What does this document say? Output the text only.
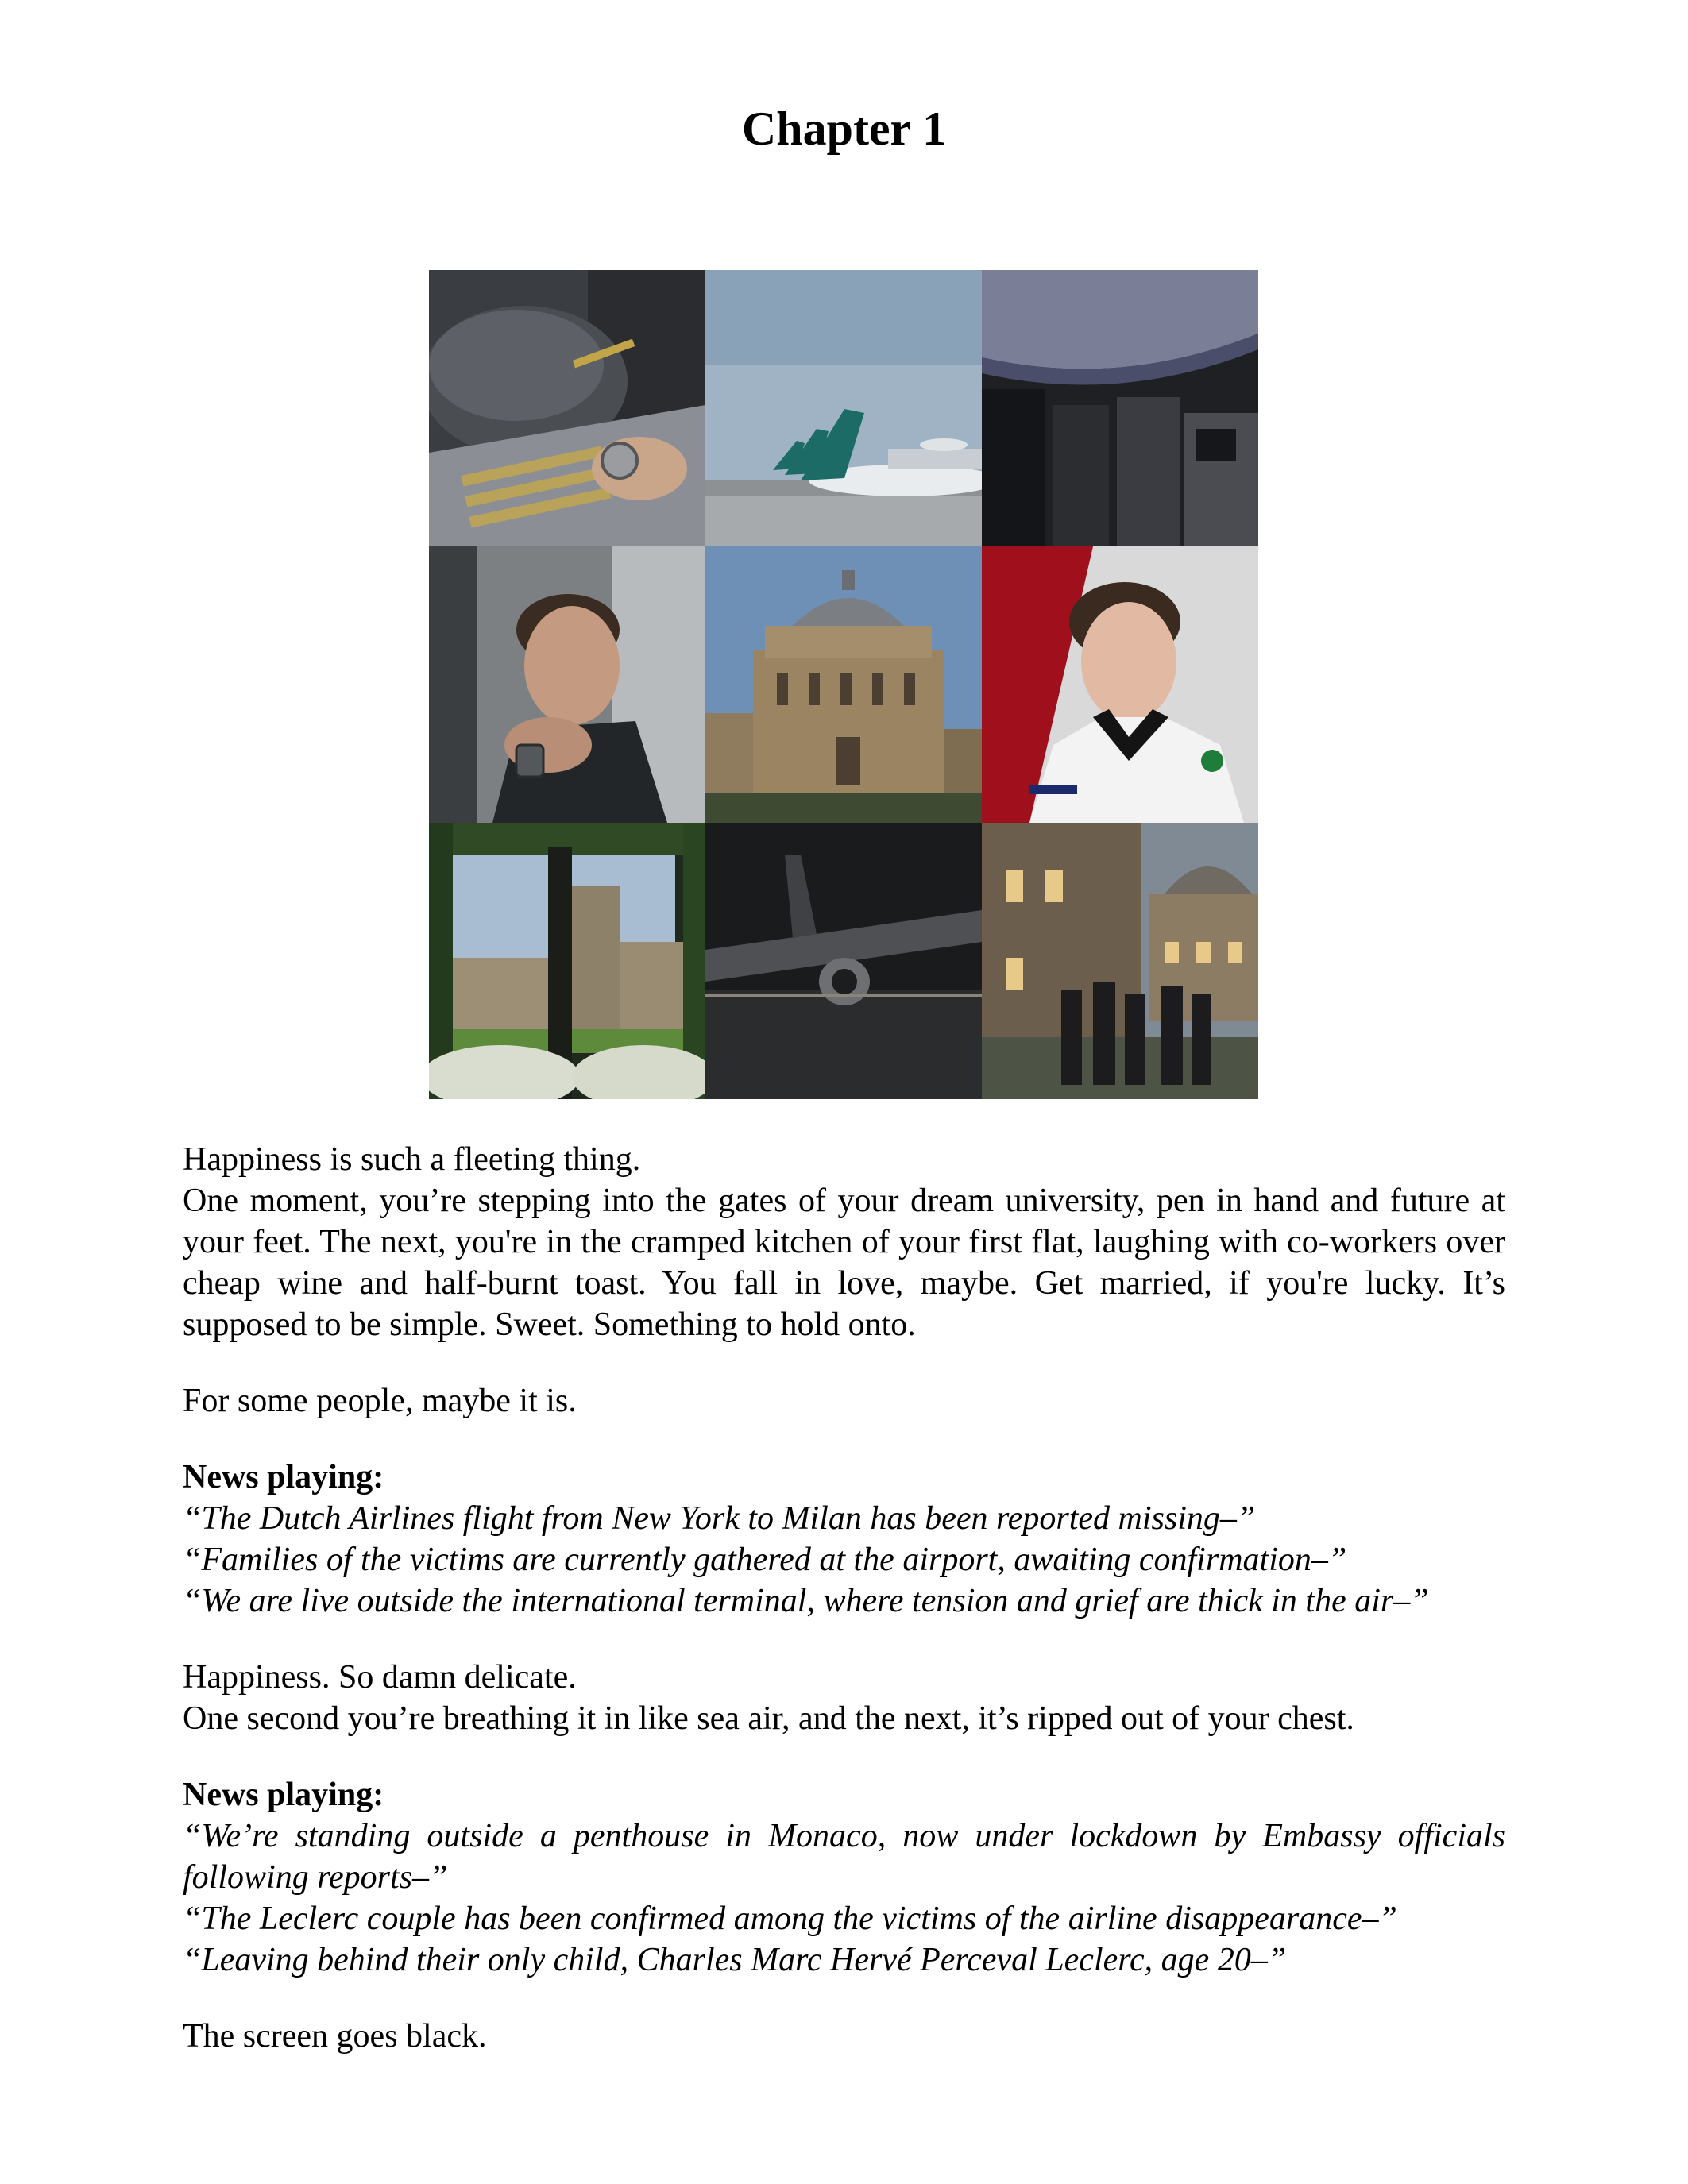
Chapter 1

Happiness is such a fleeting thing.

One moment, you’re stepping into the gates of your dream university, pen in hand and future at your feet. The next, you're in the cramped kitchen of your first flat, laughing with co-workers over cheap wine and half-burnt toast. You fall in love, maybe. Get married, if you're lucky. It’s supposed to be simple. Sweet. Something to hold onto.

For some people, maybe it is.

News playing:

“The Dutch Airlines flight from New York to Milan has been reported missing–”

“Families of the victims are currently gathered at the airport, awaiting confirmation–”

“We are live outside the international terminal, where tension and grief are thick in the air–”

Happiness. So damn delicate.

One second you’re breathing it in like sea air, and the next, it’s ripped out of your chest.

News playing:

“We’re standing outside a penthouse in Monaco, now under lockdown by Embassy officials following reports–”

“The Leclerc couple has been confirmed among the victims of the airline disappearance–”

“Leaving behind their only child, Charles Marc Hervé Perceval Leclerc, age 20–”

The screen goes black.
